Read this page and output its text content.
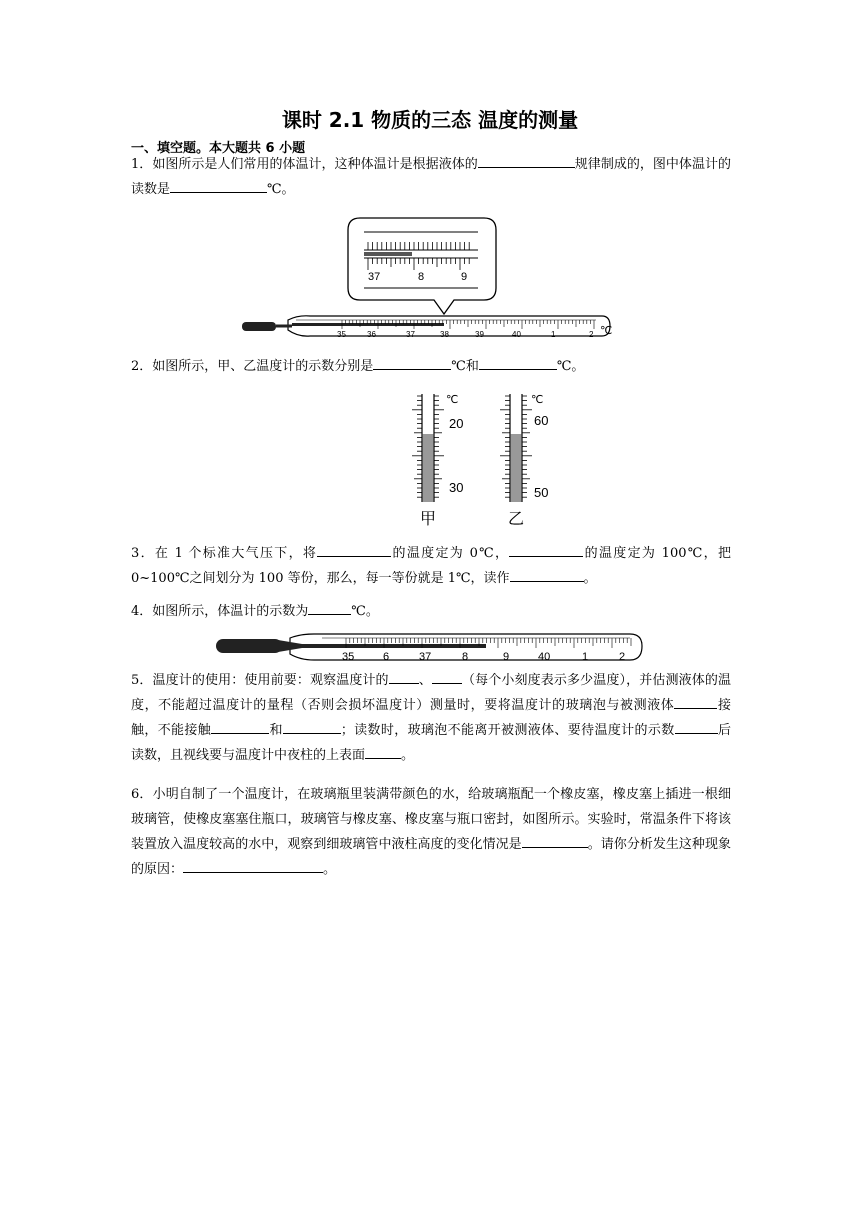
课时 2.1 物质的三态 温度的测量
一、填空题。本大题共 6 小题
1．如图所示是人们常用的体温计，这种体温计是根据液体的	规律制成的，图中体温计的读数是	℃。
37	8	9
35	36	37	38	39	40	1	2 ℃
2．如图所示，甲、乙温度计的示数分别是	℃和	℃。
℃
20
30
甲
℃
60
50
乙
3．在 1 个标准大气压下，将	的温度定为 0℃，	的温度定为 100℃，把 0~100℃之间划分为 100 等份，那么，每一等份就是 1℃，读作	。
4．如图所示，体温计的示数为	℃。
35	6	37	8	9	40	1	2
5．温度计的使用：使用前要：观察温度计的 、 （每个小刻度表示多少温度），并估测液体的温度，不能超过温度计的量程（否则会损坏温度计）测量时，要将温度计的玻璃泡与被测液体	接触，不能接触	和	；读数时，玻璃泡不能离开被测液体、要待温度计的示数	后读数，且视线要与温度计中夜柱的上表面	。
6．小明自制了一个温度计，在玻璃瓶里装满带颜色的水，给玻璃瓶配一个橡皮塞，橡皮塞上插进一根细玻璃管，使橡皮塞塞住瓶口，玻璃管与橡皮塞、橡皮塞与瓶口密封，如图所示。实验时，常温条件下将该装置放入温度较高的水中，观察到细玻璃管中液柱高度的变化情况是	。请你分析发生这种现象的原因：	。
